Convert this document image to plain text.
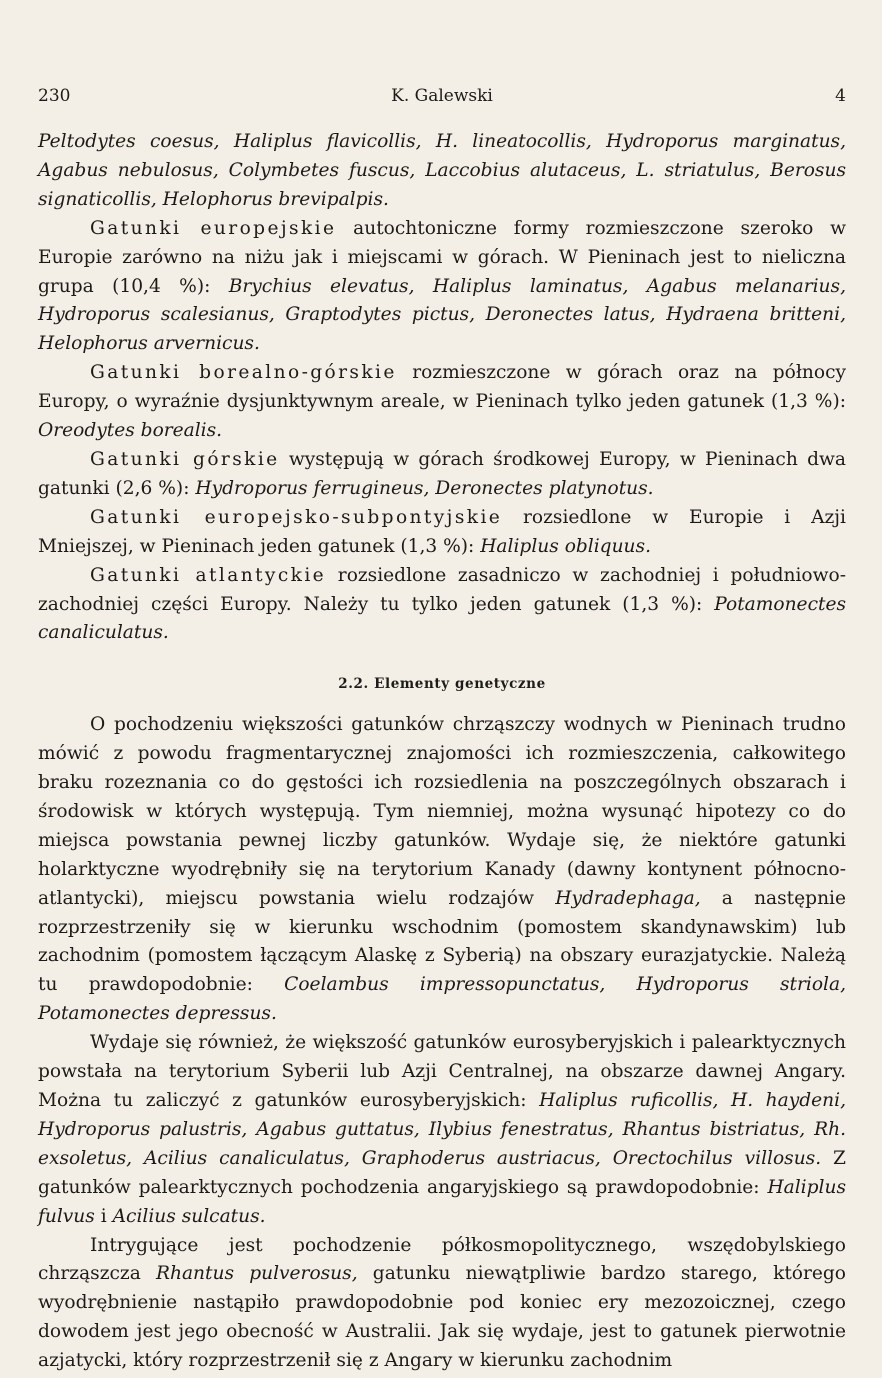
230	K. Galewski	4

Peltodytes coesus, Haliplus flavicollis, H. lineatocollis, Hydroporus marginatus, Agabus nebulosus, Colymbetes fuscus, Laccobius alutaceus, L. striatulus, Berosus signaticollis, Helophorus brevipalpis.

Gatunki europejskie autochtoniczne formy rozmieszczone szeroko w Europie zarówno na niżu jak i miejscami w górach. W Pieninach jest to nieliczna grupa (10,4 %): Brychius elevatus, Haliplus laminatus, Agabus melanarius, Hydroporus scalesianus, Graptodytes pictus, Deronectes latus, Hydraena britteni, Helophorus arvernicus.

Gatunki borealno-górskie rozmieszczone w górach oraz na północy Europy, o wyraźnie dysjunktywnym areale, w Pieninach tylko jeden gatunek (1,3 %): Oreodytes borealis.

Gatunki górskie występują w górach środkowej Europy, w Pieninach dwa gatunki (2,6 %): Hydroporus ferrugineus, Deronectes platynotus.

Gatunki europejsko-subpontyjskie rozsiedlone w Europie i Azji Mniejszej, w Pieninach jeden gatunek (1,3 %): Haliplus obliquus.

Gatunki atlantyckie rozsiedlone zasadniczo w zachodniej i południowo-zachodniej części Europy. Należy tu tylko jeden gatunek (1,3 %): Potamonectes canaliculatus.

2.2. Elementy genetyczne

O pochodzeniu większości gatunków chrząszczy wodnych w Pieninach trudno mówić z powodu fragmentarycznej znajomości ich rozmieszczenia, całkowitego braku rozeznania co do gęstości ich rozsiedlenia na poszczególnych obszarach i środowisk w których występują. Tym niemniej, można wysunąć hipotezy co do miejsca powstania pewnej liczby gatunków. Wydaje się, że niektóre gatunki holarktyczne wyodrębniły się na terytorium Kanady (dawny kontynent północno-atlantycki), miejscu powstania wielu rodzajów Hydradephaga, a następnie rozprzestrzeniły się w kierunku wschodnim (pomostem skandynawskim) lub zachodnim (pomostem łączącym Alaskę z Syberią) na obszary eurazjatyckie. Należą tu prawdopodobnie: Coelambus impressopunctatus, Hydroporus striola, Potamonectes depressus.

Wydaje się również, że większość gatunków eurosyberyjskich i palearktycznych powstała na terytorium Syberii lub Azji Centralnej, na obszarze dawnej Angary. Można tu zaliczyć z gatunków eurosyberyjskich: Haliplus ruficollis, H. haydeni, Hydroporus palustris, Agabus guttatus, Ilybius fenestratus, Rhantus bistriatus, Rh. exsoletus, Acilius canaliculatus, Graphoderus austriacus, Orectochilus villosus. Z gatunków palearktycznych pochodzenia angaryjskiego są prawdopodobnie: Haliplus fulvus i Acilius sulcatus.

Intrygujące jest pochodzenie półkosmopolitycznego, wszędobylskiego chrząszcza Rhantus pulverosus, gatunku niewątpliwie bardzo starego, którego wyodrębnienie nastąpiło prawdopodobnie pod koniec ery mezozoicznej, czego dowodem jest jego obecność w Australii. Jak się wydaje, jest to gatunek pierwotnie azjatycki, który rozprzestrzenił się z Angary w kierunku zachodnim
